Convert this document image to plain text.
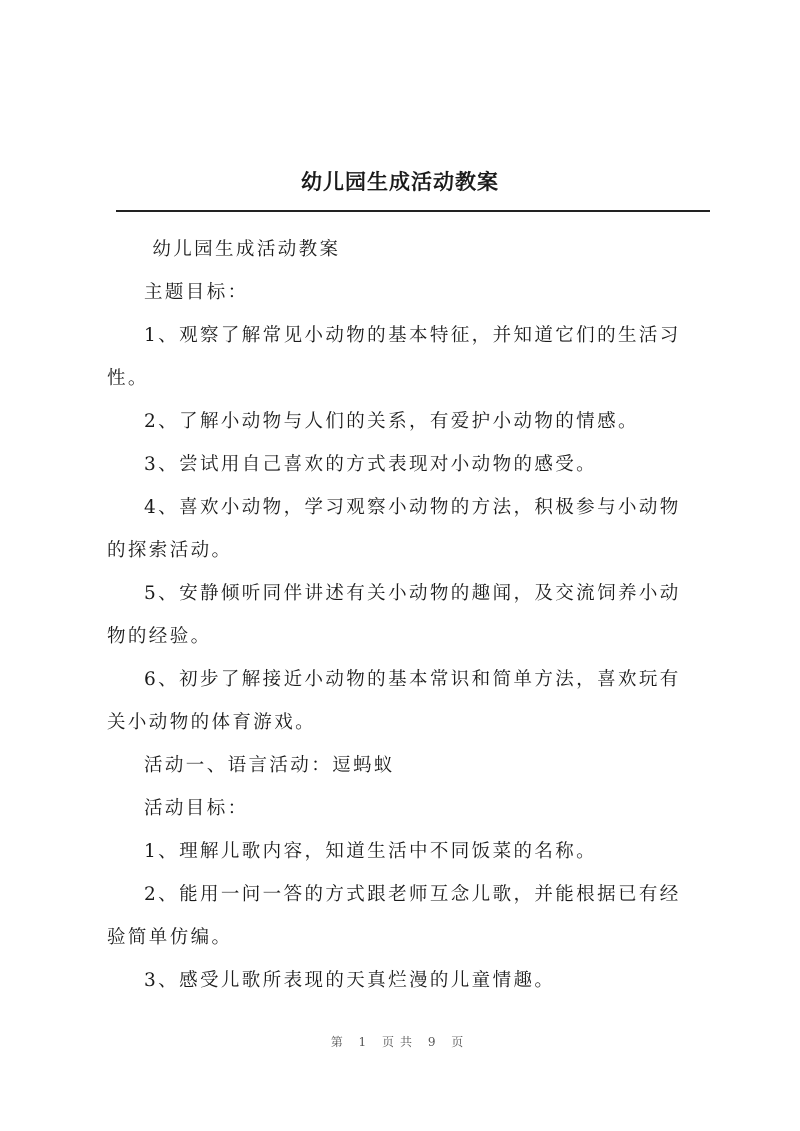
幼儿园生成活动教案

幼儿园生成活动教案

主题目标：

1、观察了解常见小动物的基本特征，并知道它们的生活习性。

2、了解小动物与人们的关系，有爱护小动物的情感。

3、尝试用自己喜欢的方式表现对小动物的感受。

4、喜欢小动物，学习观察小动物的方法，积极参与小动物的探索活动。

5、安静倾听同伴讲述有关小动物的趣闻，及交流饲养小动物的经验。

6、初步了解接近小动物的基本常识和简单方法，喜欢玩有关小动物的体育游戏。

活动一、语言活动：逗蚂蚁

活动目标：

1、理解儿歌内容，知道生活中不同饭菜的名称。

2、能用一问一答的方式跟老师互念儿歌，并能根据已有经验简单仿编。

3、感受儿歌所表现的天真烂漫的儿童情趣。

第 1 页共 9 页
